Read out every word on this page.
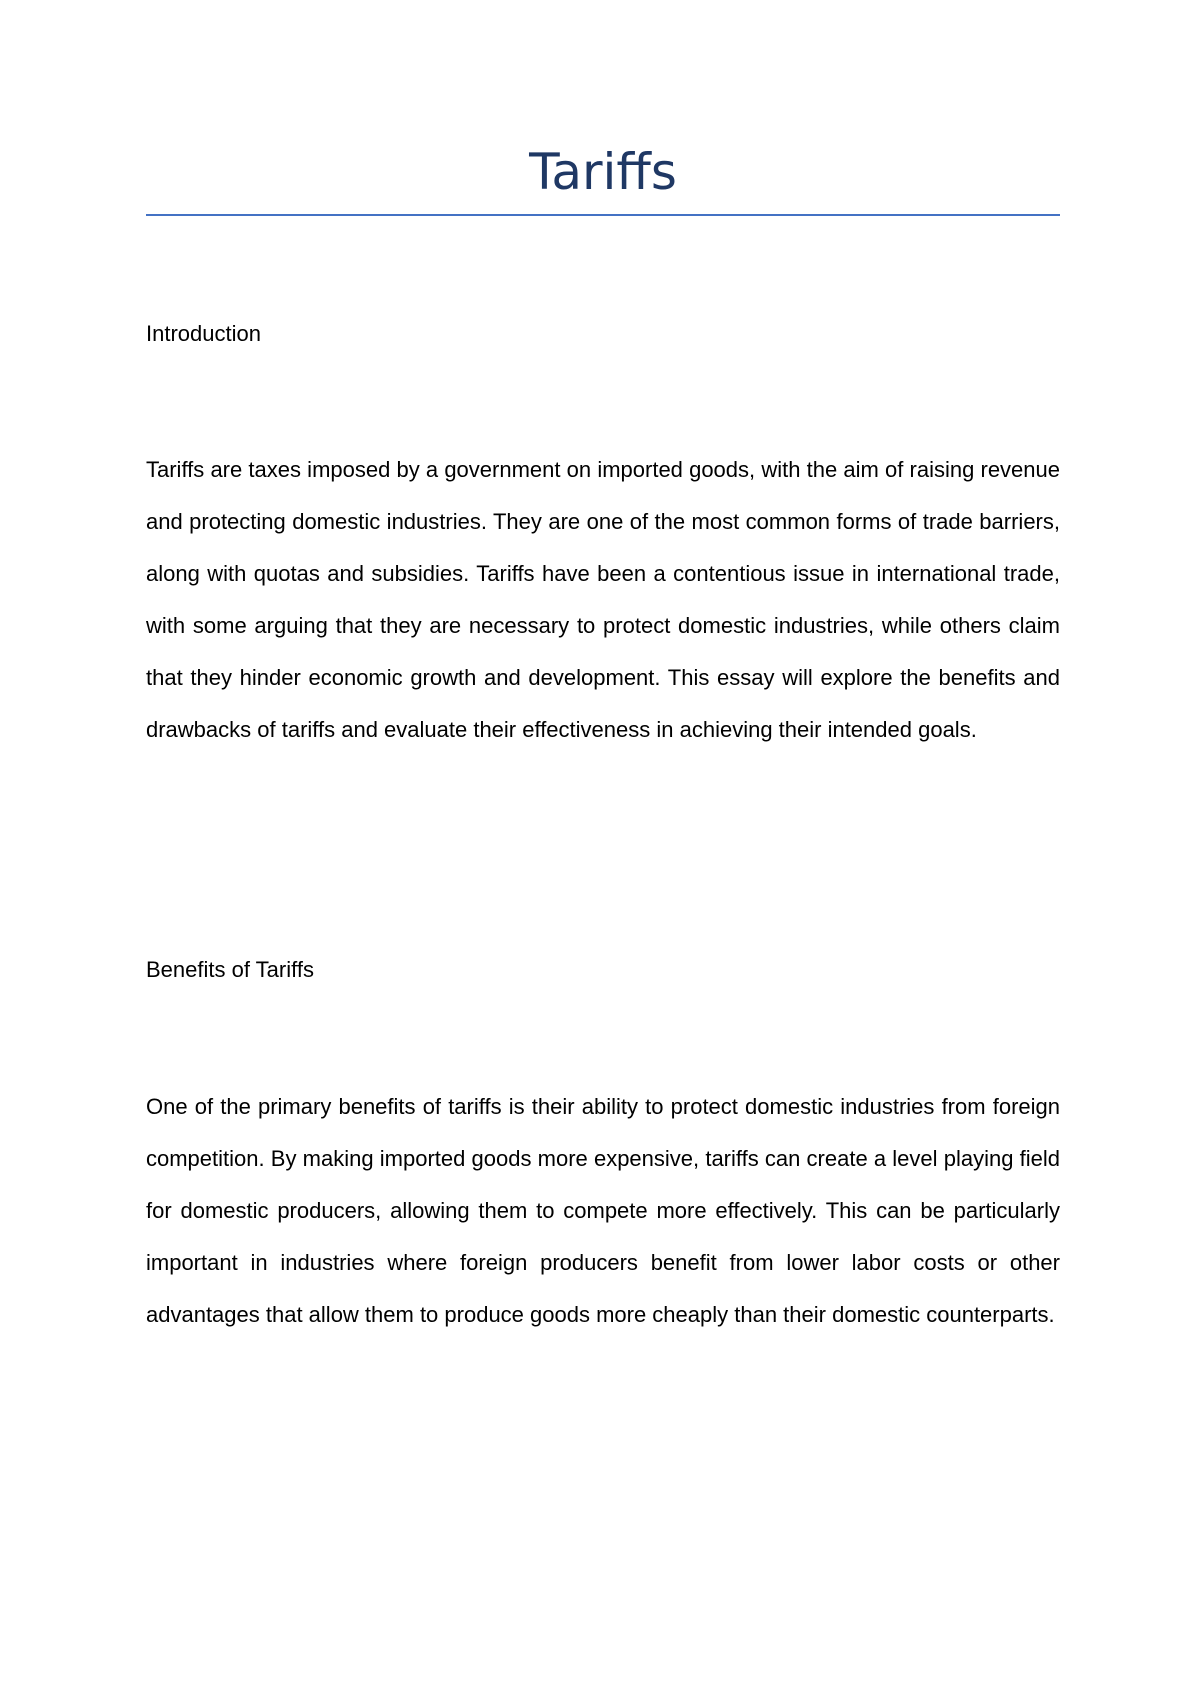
Tariffs
Introduction
Tariffs are taxes imposed by a government on imported goods, with the aim of raising revenue and protecting domestic industries. They are one of the most common forms of trade barriers, along with quotas and subsidies. Tariffs have been a contentious issue in international trade, with some arguing that they are necessary to protect domestic industries, while others claim that they hinder economic growth and development. This essay will explore the benefits and drawbacks of tariffs and evaluate their effectiveness in achieving their intended goals.
Benefits of Tariffs
One of the primary benefits of tariffs is their ability to protect domestic industries from foreign competition. By making imported goods more expensive, tariffs can create a level playing field for domestic producers, allowing them to compete more effectively. This can be particularly important in industries where foreign producers benefit from lower labor costs or other advantages that allow them to produce goods more cheaply than their domestic counterparts.
